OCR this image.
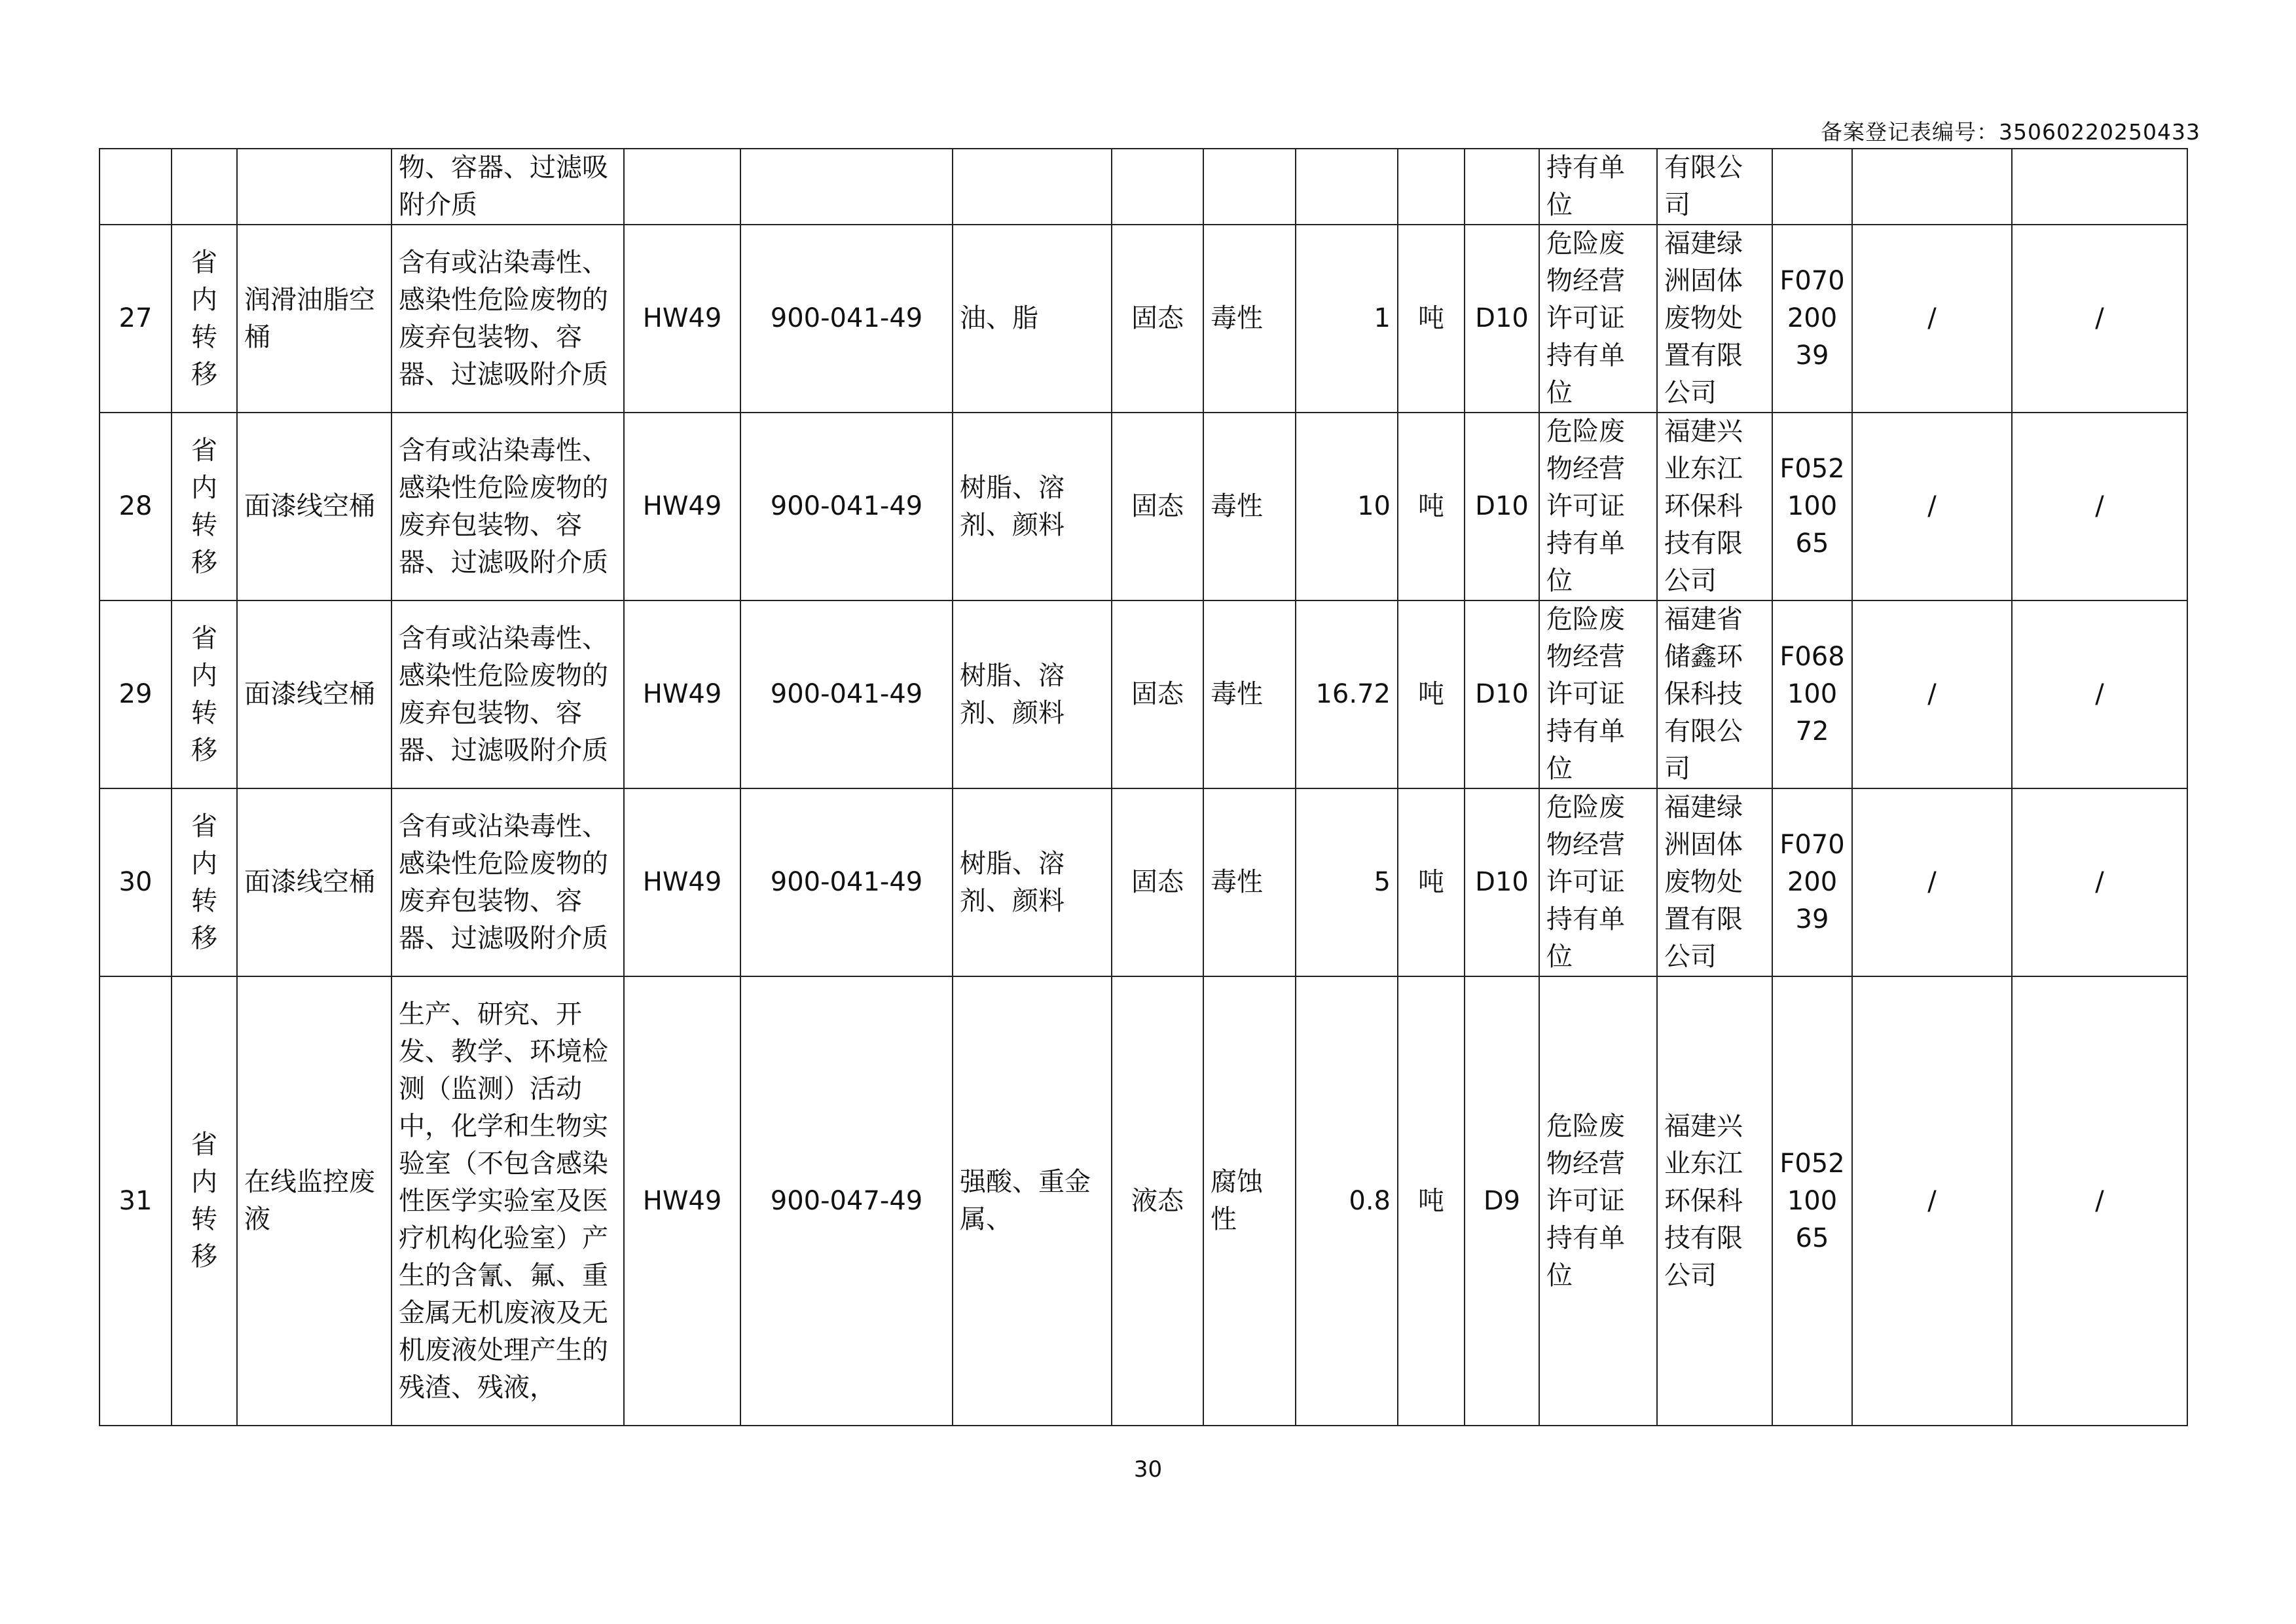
备案登记表编号：35060220250433
			物、容器、过滤吸附介质									持有单位	有限公司			
27	省内转移	润滑油脂空桶	含有或沾染毒性、感染性危险废物的废弃包装物、容器、过滤吸附介质	HW49	900-041-49	油、脂	固态	毒性	1	吨	D10	危险废物经营许可证持有单位	福建绿洲固体废物处置有限公司	F07020039	/	/
28	省内转移	面漆线空桶	含有或沾染毒性、感染性危险废物的废弃包装物、容器、过滤吸附介质	HW49	900-041-49	树脂、溶剂、颜料	固态	毒性	10	吨	D10	危险废物经营许可证持有单位	福建兴业东江环保科技有限公司	F05210065	/	/
29	省内转移	面漆线空桶	含有或沾染毒性、感染性危险废物的废弃包装物、容器、过滤吸附介质	HW49	900-041-49	树脂、溶剂、颜料	固态	毒性	16.72	吨	D10	危险废物经营许可证持有单位	福建省储鑫环保科技有限公司	F06810072	/	/
30	省内转移	面漆线空桶	含有或沾染毒性、感染性危险废物的废弃包装物、容器、过滤吸附介质	HW49	900-041-49	树脂、溶剂、颜料	固态	毒性	5	吨	D10	危险废物经营许可证持有单位	福建绿洲固体废物处置有限公司	F07020039	/	/
31	省内转移	在线监控废液	生产、研究、开发、教学、环境检测（监测）活动中，化学和生物实验室（不包含感染性医学实验室及医疗机构化验室）产生的含氰、氟、重金属无机废液及无机废液处理产生的残渣、残液，	HW49	900-047-49	强酸、重金属、	液态	腐蚀性	0.8	吨	D9	危险废物经营许可证持有单位	福建兴业东江环保科技有限公司	F05210065	/	/
30
